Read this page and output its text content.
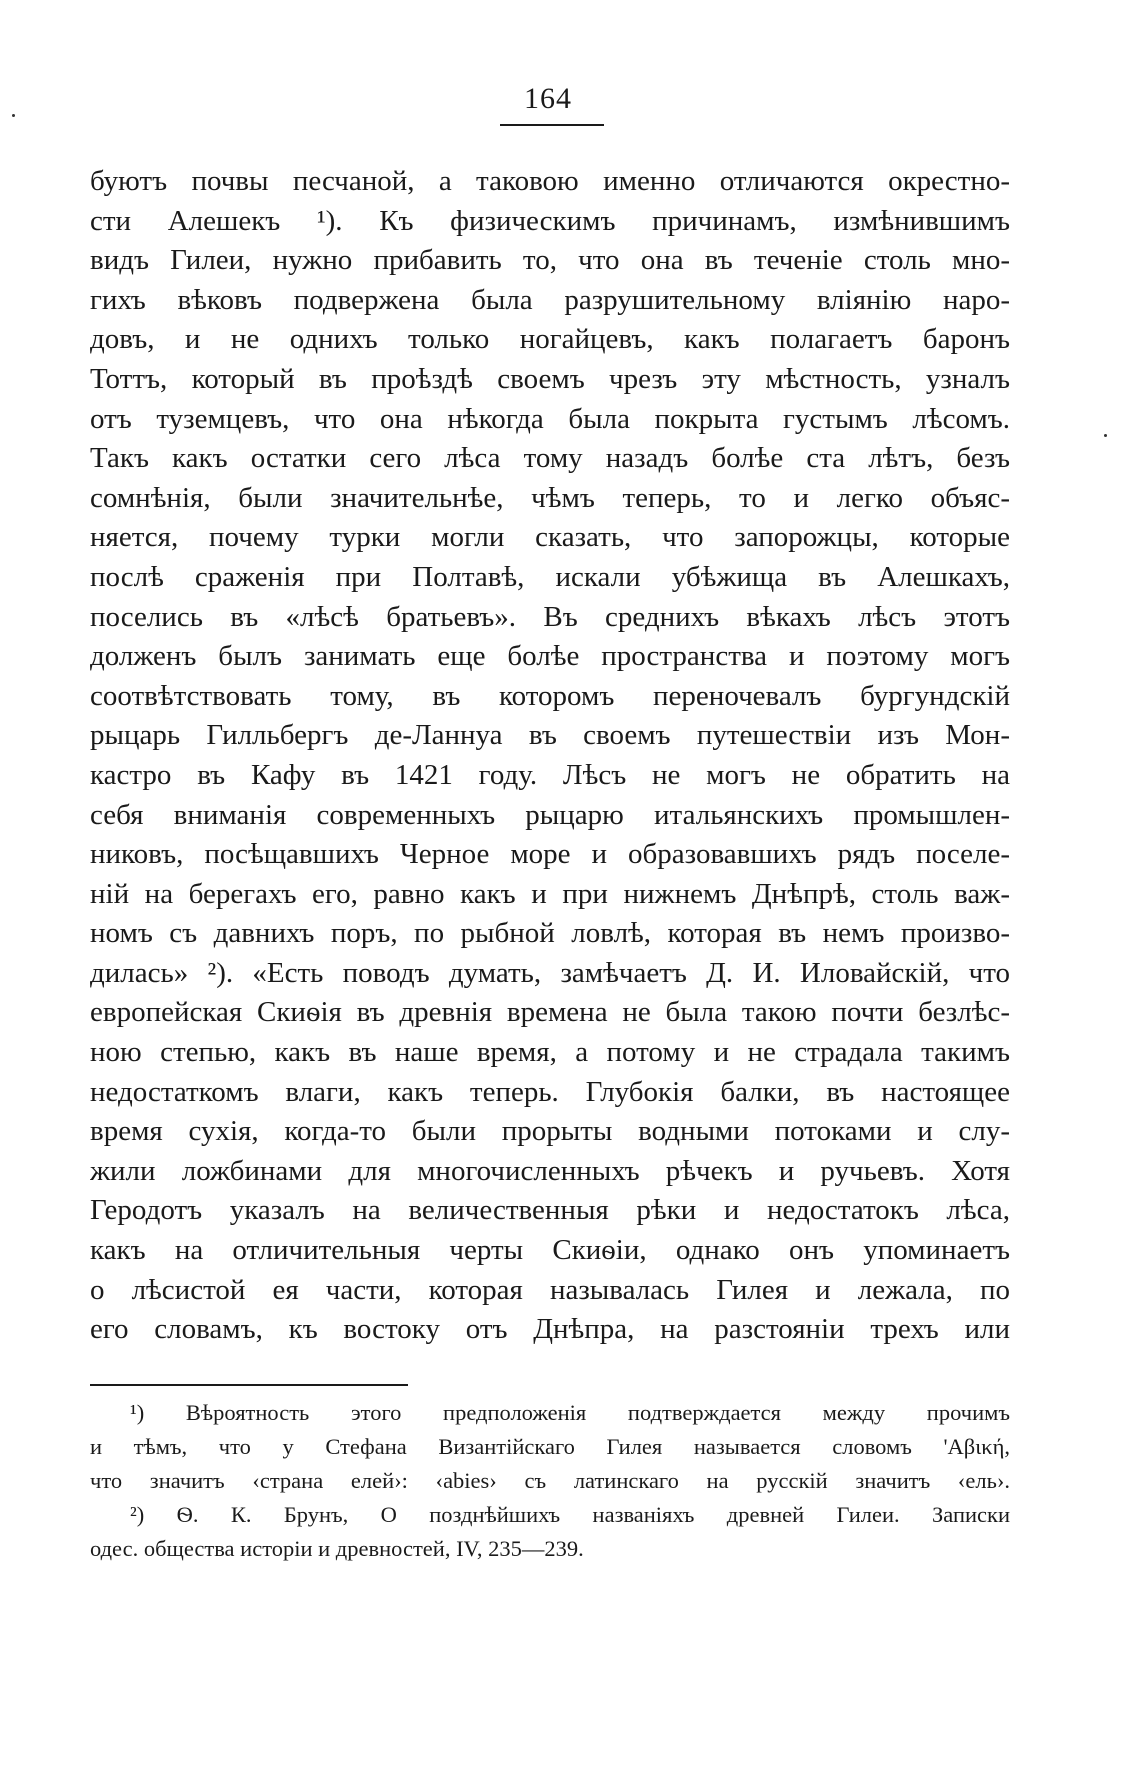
164
буютъ почвы песчаной, а таковою именно отличаются окрестно-
сти Алешекъ ¹). Къ физическимъ причинамъ, измѣнившимъ
видъ Гилеи, нужно прибавить то, что она въ теченіе столь мно-
гихъ вѣковъ подвержена была разрушительному вліянію наро-
довъ, и не однихъ только ногайцевъ, какъ полагаетъ баронъ
Тоттъ, который въ проѣздѣ своемъ чрезъ эту мѣстность, узналъ
отъ туземцевъ, что она нѣкогда была покрыта густымъ лѣсомъ.
Такъ какъ остатки сего лѣса тому назадъ болѣе ста лѣтъ, безъ
сомнѣнія, были значительнѣе, чѣмъ теперь, то и легко объяс-
няется, почему турки могли сказать, что запорожцы, которые
послѣ сраженія при Полтавѣ, искали убѣжища въ Алешкахъ,
поселись въ «лѣсѣ братьевъ». Въ среднихъ вѣкахъ лѣсъ этотъ
долженъ былъ занимать еще болѣе пространства и поэтому могъ
соотвѣтствовать тому, въ которомъ переночевалъ бургундскій
рыцарь Гилльбергъ де-Ланнуа въ своемъ путешествіи изъ Мон-
кастро въ Кафу въ 1421 году. Лѣсъ не могъ не обратить на
себя вниманія современныхъ рыцарю итальянскихъ промышлен-
никовъ, посѣщавшихъ Черное море и образовавшихъ рядъ поселе-
ній на берегахъ его, равно какъ и при нижнемъ Днѣпрѣ, столь важ-
номъ съ давнихъ поръ, по рыбной ловлѣ, которая въ немъ произво-
дилась» ²). «Есть поводъ думать, замѣчаетъ Д. И. Иловайскій, что
европейская Скиѳія въ древнія времена не была такою почти безлѣс-
ною степью, какъ въ наше время, а потому и не страдала такимъ
недостаткомъ влаги, какъ теперь. Глубокія балки, въ настоящее
время сухія, когда-то были прорыты водными потоками и слу-
жили ложбинами для многочисленныхъ рѣчекъ и ручьевъ. Хотя
Геродотъ указалъ на величественныя рѣки и недостатокъ лѣса,
какъ на отличительныя черты Скиѳіи, однако онъ упоминаетъ
о лѣсистой ея части, которая называлась Гилея и лежала, по
его словамъ, къ востоку отъ Днѣпра, на разстояніи трехъ или
¹) Вѣроятность этого предположенія подтверждается между прочимъ
и тѣмъ, что у Стефана Византійскаго Гилея называется словомъ 'Αβική,
что значитъ ‹страна елей›: ‹abies› съ латинскаго на русскій значитъ ‹ель›.
²) Ѳ. К. Брунъ, О позднѣйшихъ названіяхъ древней Гилеи. Записки
одес. общества исторіи и древностей, IV, 235—239.
